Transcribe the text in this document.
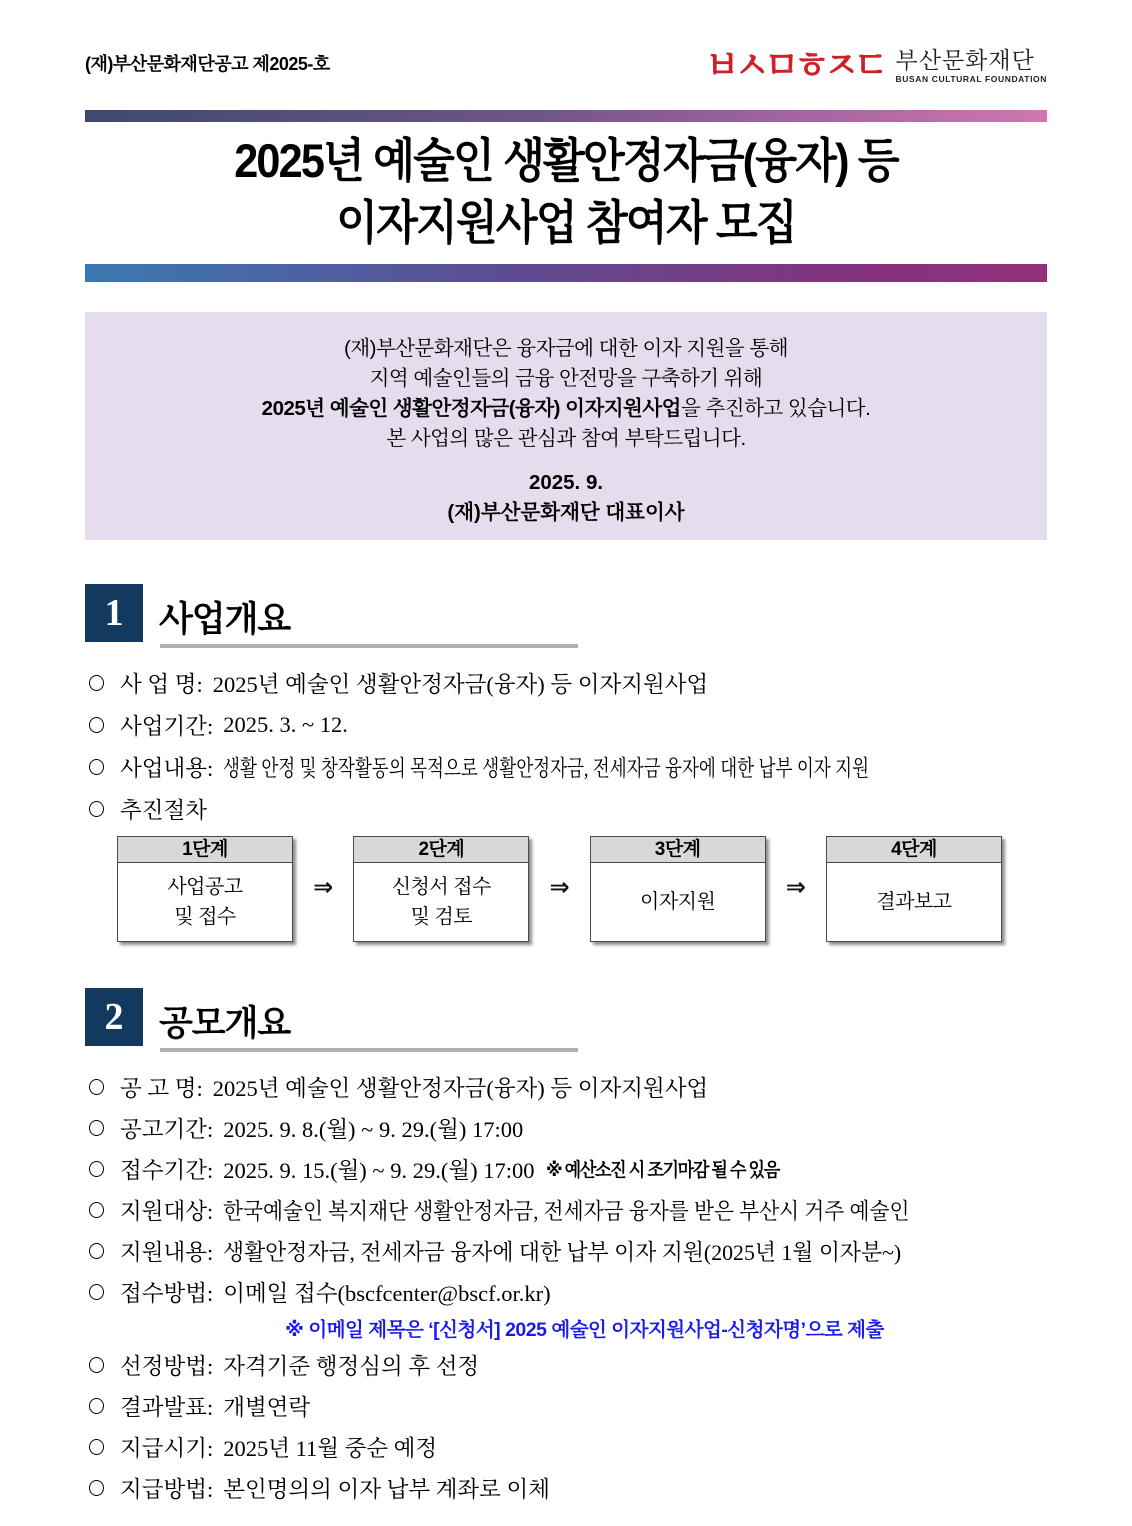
(재)부산문화재단공고 제2025-호	ㅂㅅㅁㅎㅈㄷ 부산문화재단
BUSAN CULTURAL FOUNDATION
2025년 예술인 생활안정자금(융자) 등
이자지원사업 참여자 모집
(재)부산문화재단은 융자금에 대한 이자 지원을 통해
지역 예술인들의 금융 안전망을 구축하기 위해
2025년 예술인 생활안정자금(융자) 이자지원사업을 추진하고 있습니다.
본 사업의 많은 관심과 참여 부탁드립니다.
2025. 9.
(재)부산문화재단 대표이사
1	사업개요
사 업 명: 2025년 예술인 생활안정자금(융자) 등 이자지원사업
사업기간: 2025. 3. ~ 12.
사업내용: 생활 안정 및 창작활동의 목적으로 생활안정자금, 전세자금 융자에 대한 납부 이자 지원
추진절차
1단계
사업공고
및 접수
⇒
2단계
신청서 접수
및 검토
⇒
3단계
이자지원
⇒
4단계
결과보고
2	공모개요
공 고 명: 2025년 예술인 생활안정자금(융자) 등 이자지원사업
공고기간: 2025. 9. 8.(월) ~ 9. 29.(월) 17:00
접수기간: 2025. 9. 15.(월) ~ 9. 29.(월) 17:00 ※ 예산소진 시 조기마감 될 수 있음
지원대상: 한국예술인 복지재단 생활안정자금, 전세자금 융자를 받은 부산시 거주 예술인
지원내용: 생활안정자금, 전세자금 융자에 대한 납부 이자 지원(2025년 1월 이자분~)
접수방법: 이메일 접수(bscfcenter@bscf.or.kr)
※ 이메일 제목은 ‘[신청서] 2025 예술인 이자지원사업-신청자명’으로 제출
선정방법: 자격기준 행정심의 후 선정
결과발표: 개별연락
지급시기: 2025년 11월 중순 예정
지급방법: 본인명의의 이자 납부 계좌로 이체
